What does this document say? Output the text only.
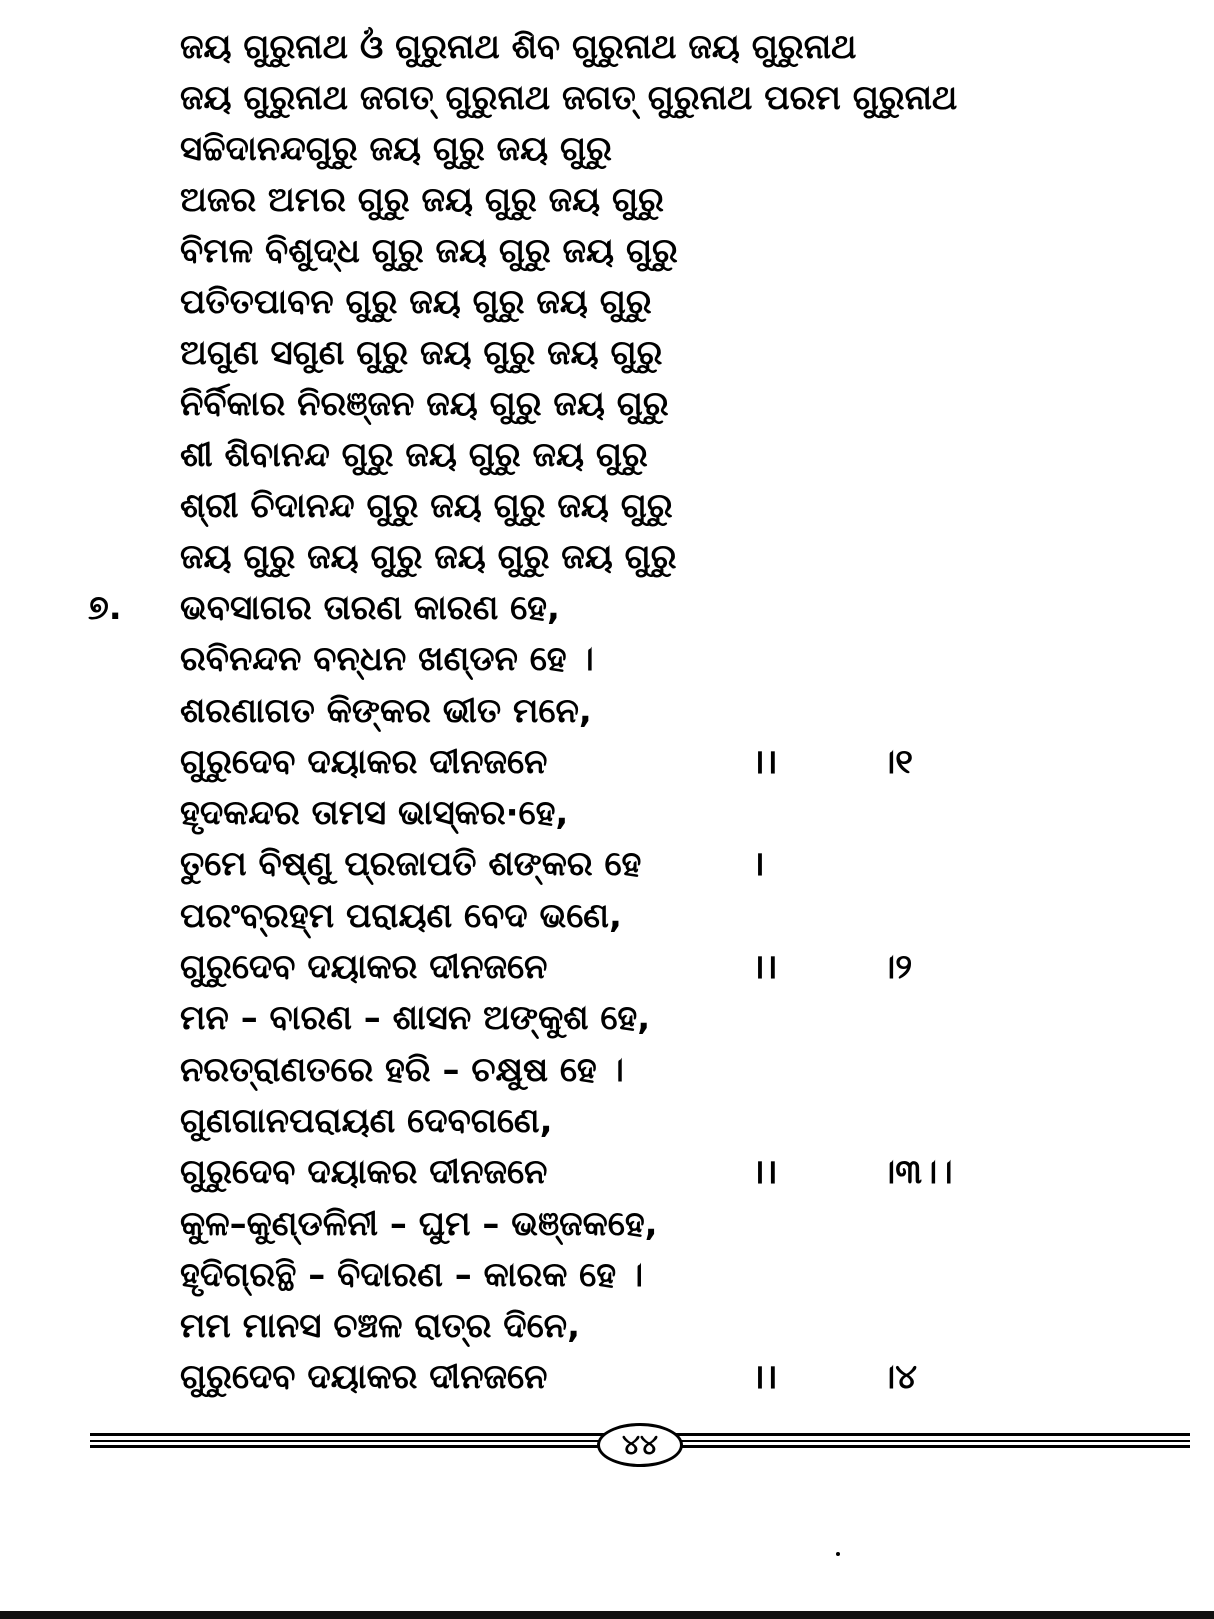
ଜୟ ଗୁରୁନାଥ ଓଁ ଗୁରୁନାଥ ଶିବ ଗୁରୁନାଥ ଜୟ ଗୁରୁନାଥ
ଜୟ ଗୁରୁନାଥ ଜଗତ୍ ଗୁରୁନାଥ ଜଗତ୍ ଗୁରୁନାଥ ପରମ ଗୁରୁନାଥ
ସଚ୍ଚିଦାନନ୍ଦଗୁରୁ ଜୟ ଗୁରୁ ଜୟ ଗୁରୁ
ଅଜର ଅମର ଗୁରୁ ଜୟ ଗୁରୁ ଜୟ ଗୁରୁ
ବିମଳ ବିଶୁଦ୍ଧ ଗୁରୁ ଜୟ ଗୁରୁ ଜୟ ଗୁରୁ
ପତିତପାବନ ଗୁରୁ ଜୟ ଗୁରୁ ଜୟ ଗୁରୁ
ଅଗୁଣ ସଗୁଣ ଗୁରୁ ଜୟ ଗୁରୁ ଜୟ ଗୁରୁ
ନିର୍ବିକାର ନିରଞ୍ଜନ ଜୟ ଗୁରୁ ଜୟ ଗୁରୁ
ଶୀ ଶିବାନନ୍ଦ ଗୁରୁ ଜୟ ଗୁରୁ ଜୟ ଗୁରୁ
ଶ୍ରୀ ଚିଦାନନ୍ଦ ଗୁରୁ ଜୟ ଗୁରୁ ଜୟ ଗୁରୁ
ଜୟ ଗୁରୁ ଜୟ ଗୁରୁ ଜୟ ଗୁରୁ ଜୟ ଗୁରୁ
୭. ଭବସାଗର ତାରଣ କାରଣ ହେ,
ରବିନନ୍ଦନ ବନ୍ଧନ ଖଣ୍ଡନ ହେ ।
ଶରଣାଗତ କିଙ୍କର ଭୀତ ମନେ,
ଗୁରୁଦେବ ଦୟାକର ଦୀନଜନେ	।।	।୧
ହୃଦକନ୍ଦର ତାମସ ଭାସ୍କର·ହେ,
ତୁମେ ବିଷ୍ଣୁ ପ୍ରଜାପତି ଶଙ୍କର ହେ	।
ପରଂବ୍ରହ୍ମ ପରାୟଣ ବେଦ ଭଣେ,
ଗୁରୁଦେବ ଦୟାକର ଦୀନଜନେ	।।	।୨
ମନ – ବାରଣ – ଶାସନ ଅଙ୍କୁଶ ହେ,
ନରତ୍ରାଣତରେ ହରି – ଚକ୍ଷୁଷ ହେ ।
ଗୁଣଗାନପରାୟଣ ଦେବଗଣେ,
ଗୁରୁଦେବ ଦୟାକର ଦୀନଜନେ	।।	।୩।।
କୁଳ–କୁଣ୍ଡଳିନୀ – ଘୁମ – ଭଞ୍ଜକହେ,
ହୃଦିଗ୍ରନ୍ଥି – ବିଦାରଣ – କାରକ ହେ ।
ମମ ମାନସ ଚଞ୍ଚଳ ରାତ୍ର ଦିନେ,
ଗୁରୁଦେବ ଦୟାକର ଦୀନଜନେ	।।	।୪
୪୪
